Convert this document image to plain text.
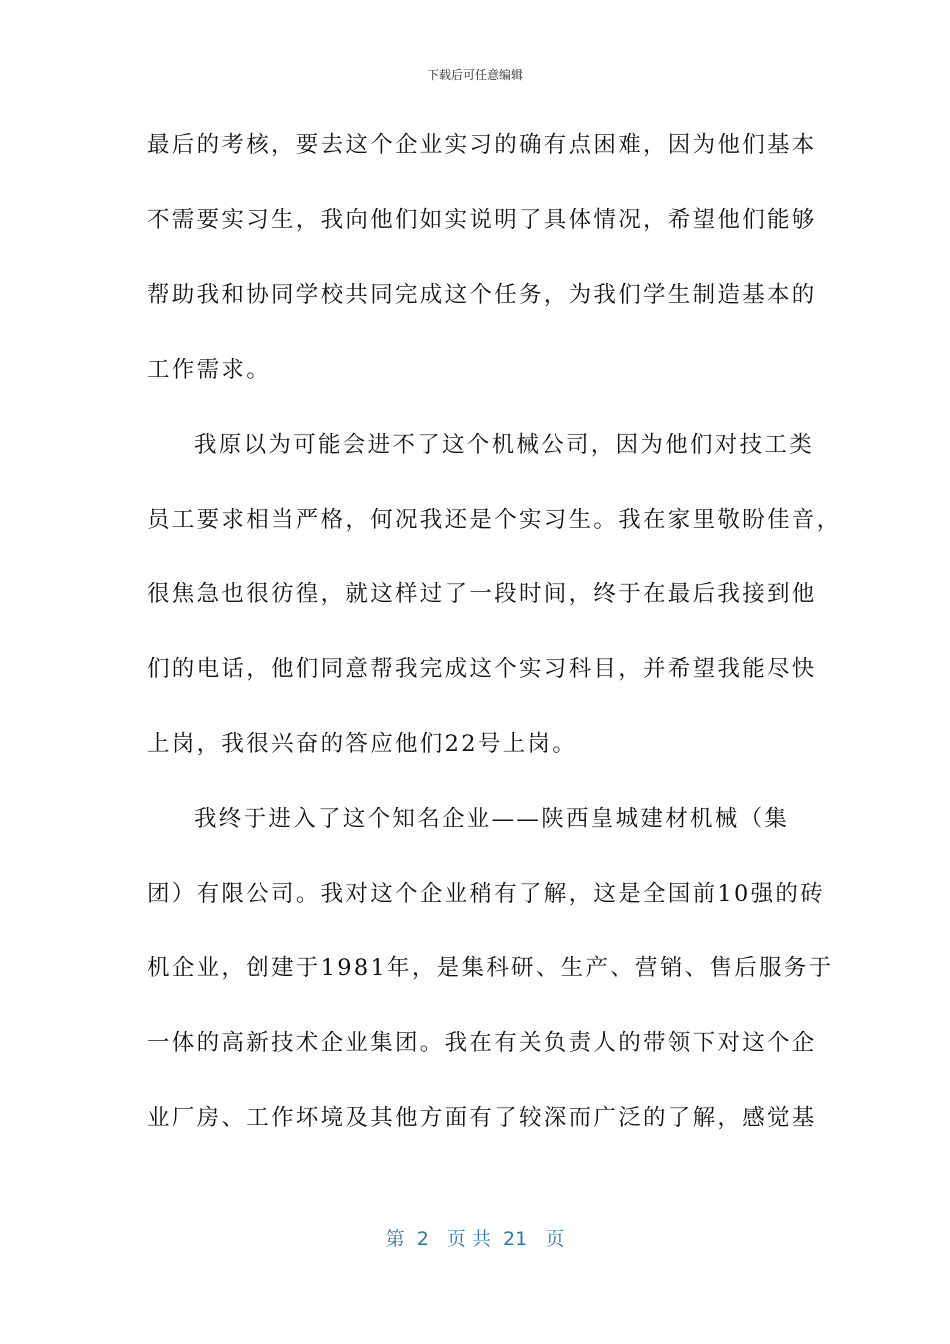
下载后可任意编辑
最后的考核，要去这个企业实习的确有点困难，因为他们基本
不需要实习生，我向他们如实说明了具体情况，希望他们能够
帮助我和协同学校共同完成这个任务，为我们学生制造基本的
工作需求。
我原以为可能会进不了这个机械公司，因为他们对技工类
员工要求相当严格，何况我还是个实习生。我在家里敬盼佳音，
很焦急也很彷徨，就这样过了一段时间，终于在最后我接到他
们的电话，他们同意帮我完成这个实习科目，并希望我能尽快
上岗，我很兴奋的答应他们22号上岗。
我终于进入了这个知名企业——陕西皇城建材机械（集
团）有限公司。我对这个企业稍有了解，这是全国前10强的砖
机企业，创建于1981年，是集科研、生产、营销、售后服务于
一体的高新技术企业集团。我在有关负责人的带领下对这个企
业厂房、工作坏境及其他方面有了较深而广泛的了解，感觉基
第  2   页 共  21   页
